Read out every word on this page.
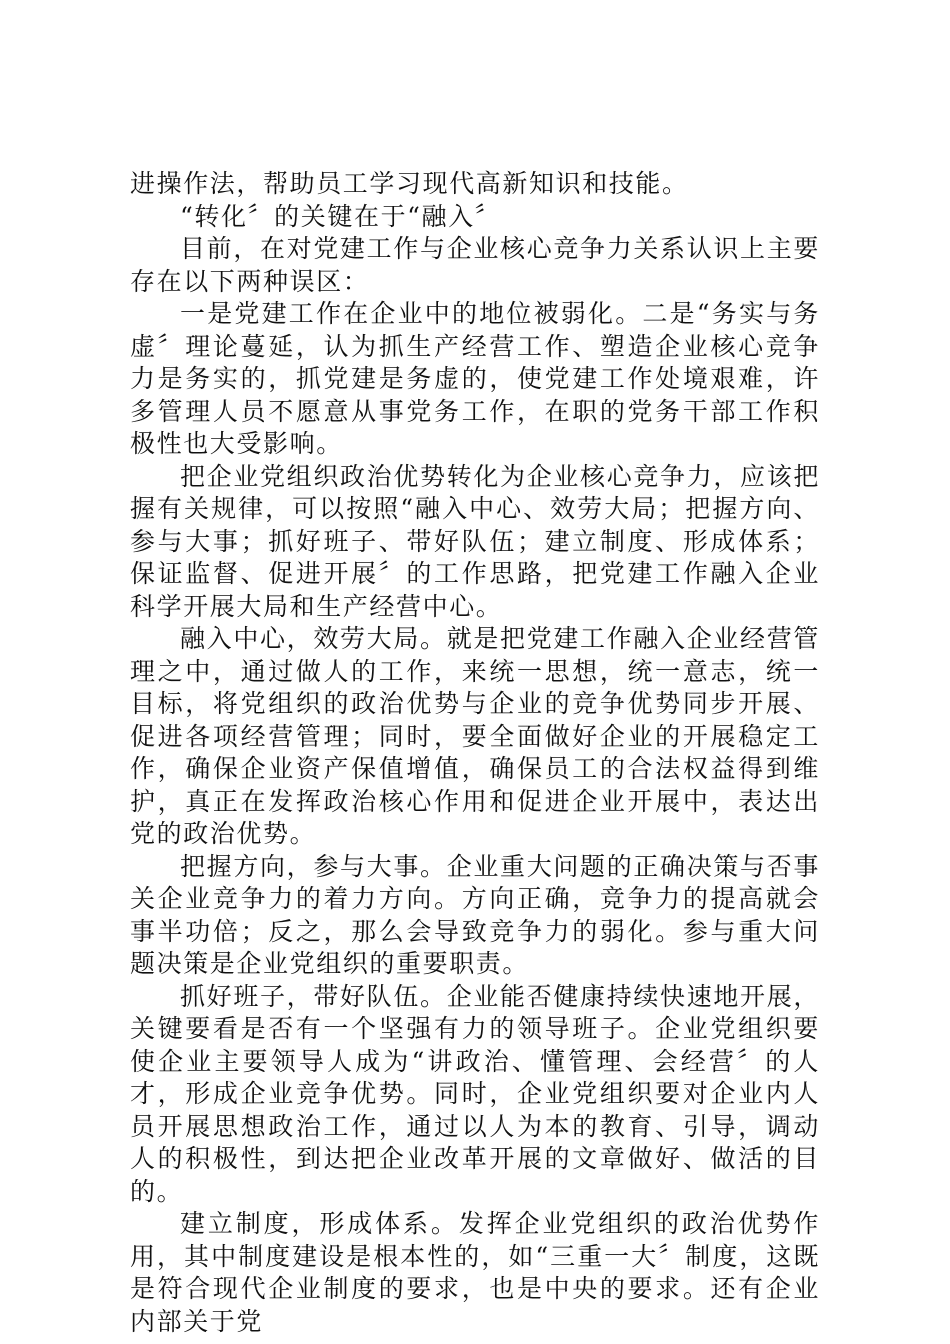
进操作法，帮助员工学习现代高新知识和技能。

“转化〞的关键在于“融入〞

目前，在对党建工作与企业核心竞争力关系认识上主要存在以下两种误区：

一是党建工作在企业中的地位被弱化。二是“务实与务虚〞理论蔓延，认为抓生产经营工作、塑造企业核心竞争力是务实的，抓党建是务虚的，使党建工作处境艰难，许多管理人员不愿意从事党务工作，在职的党务干部工作积极性也大受影响。

把企业党组织政治优势转化为企业核心竞争力，应该把握有关规律，可以按照“融入中心、效劳大局；把握方向、参与大事；抓好班子、带好队伍；建立制度、形成体系；保证监督、促进开展〞的工作思路，把党建工作融入企业科学开展大局和生产经营中心。

融入中心，效劳大局。就是把党建工作融入企业经营管理之中，通过做人的工作，来统一思想，统一意志，统一目标，将党组织的政治优势与企业的竞争优势同步开展、促进各项经营管理；同时，要全面做好企业的开展稳定工作，确保企业资产保值增值，确保员工的合法权益得到维护，真正在发挥政治核心作用和促进企业开展中，表达出党的政治优势。

把握方向，参与大事。企业重大问题的正确决策与否事关企业竞争力的着力方向。方向正确，竞争力的提高就会事半功倍；反之，那么会导致竞争力的弱化。参与重大问题决策是企业党组织的重要职责。

抓好班子，带好队伍。企业能否健康持续快速地开展，关键要看是否有一个坚强有力的领导班子。企业党组织要使企业主要领导人成为“讲政治、懂管理、会经营〞的人才，形成企业竞争优势。同时，企业党组织要对企业内人员开展思想政治工作，通过以人为本的教育、引导，调动人的积极性，到达把企业改革开展的文章做好、做活的目的。

建立制度，形成体系。发挥企业党组织的政治优势作用，其中制度建设是根本性的，如“三重一大〞制度，这既是符合现代企业制度的要求，也是中央的要求。还有企业内部关于党
